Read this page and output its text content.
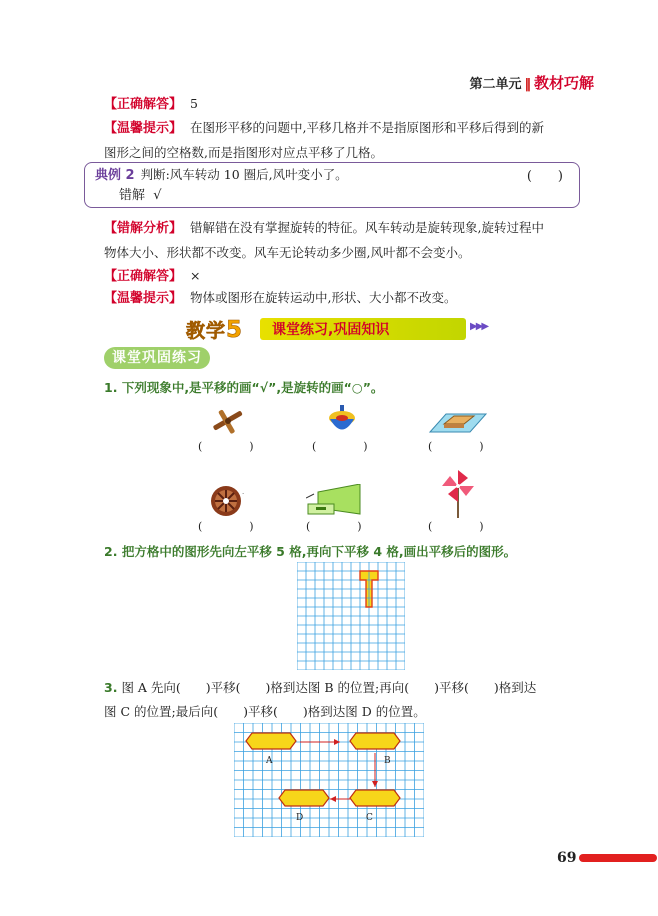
第二单元 ‖ 教材巧解
【正确解答】 5
【温馨提示】 在图形平移的问题中,平移几格并不是指原图形和平移后得到的新
图形之间的空格数,而是指图形对应点平移了几格。
典例 2 判断:风车转动 10 圈后,风叶变小了。	(　　)
错解 √
【错解分析】 错解错在没有掌握旋转的特征。风车转动是旋转现象,旋转过程中
物体大小、形状都不改变。风车无论转动多少圈,风叶都不会变小。
【正确解答】 ×
【温馨提示】 物体或图形在旋转运动中,形状、大小都不改变。
教学5 课堂练习,巩固知识	▶▶▶
课堂巩固练习
1. 下列现象中,是平移的画“√”,是旋转的画“○”。
(　)	(　)	(　)
·
(　)	(　)	(　)
2. 把方格中的图形先向左平移 5 格,再向下平移 4 格,画出平移后的图形。
3. 图 A 先向(　　)平移(　　)格到达图 B 的位置;再向(　　)平移(　　)格到达
图 C 的位置;最后向(　　)平移(　　)格到达图 D 的位置。
A	B
C
D
69
